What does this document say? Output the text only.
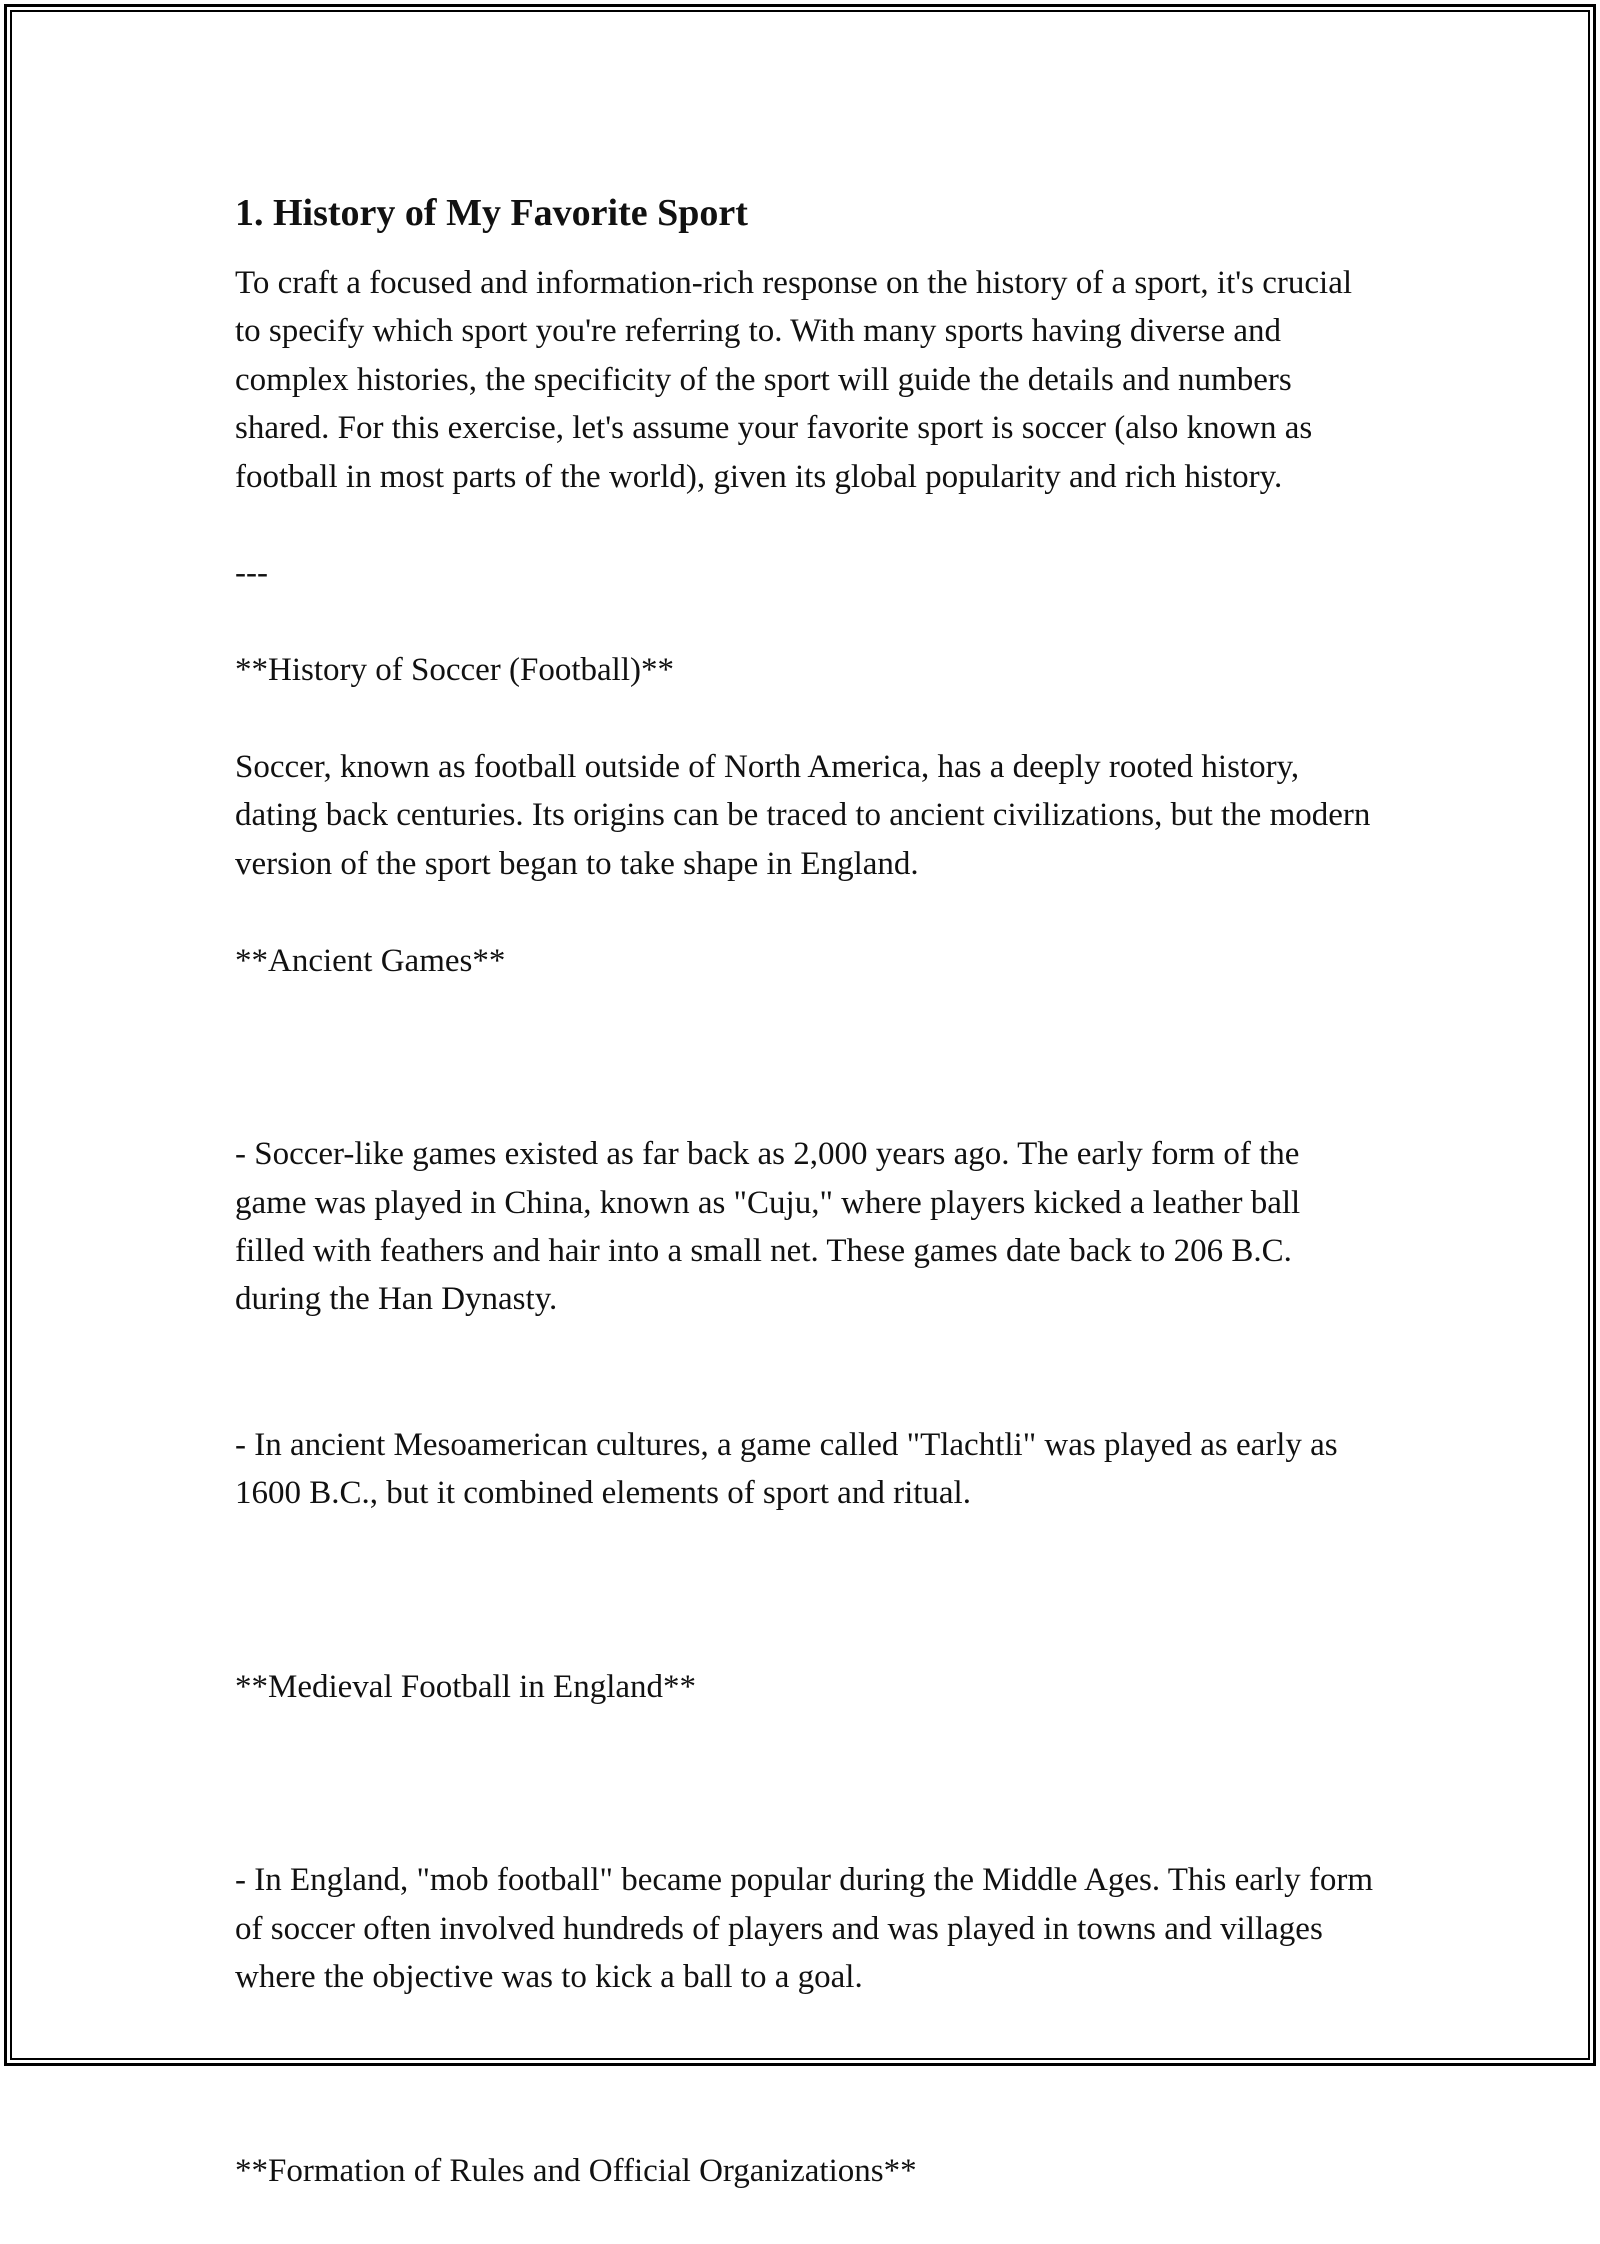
1. History of My Favorite Sport
To craft a focused and information-rich response on the history of a sport, it's crucial to specify which sport you're referring to. With many sports having diverse and complex histories, the specificity of the sport will guide the details and numbers shared. For this exercise, let's assume your favorite sport is soccer (also known as football in most parts of the world), given its global popularity and rich history.
---
**History of Soccer (Football)**
Soccer, known as football outside of North America, has a deeply rooted history, dating back centuries. Its origins can be traced to ancient civilizations, but the modern version of the sport began to take shape in England.
**Ancient Games**

- Soccer-like games existed as far back as 2,000 years ago. The early form of the game was played in China, known as "Cuju," where players kicked a leather ball filled with feathers and hair into a small net. These games date back to 206 B.C. during the Han Dynasty.

- In ancient Mesoamerican cultures, a game called "Tlachtli" was played as early as 1600 B.C., but it combined elements of sport and ritual.

**Medieval Football in England**

- In England, "mob football" became popular during the Middle Ages. This early form of soccer often involved hundreds of players and was played in towns and villages where the objective was to kick a ball to a goal.

**Formation of Rules and Official Organizations**
